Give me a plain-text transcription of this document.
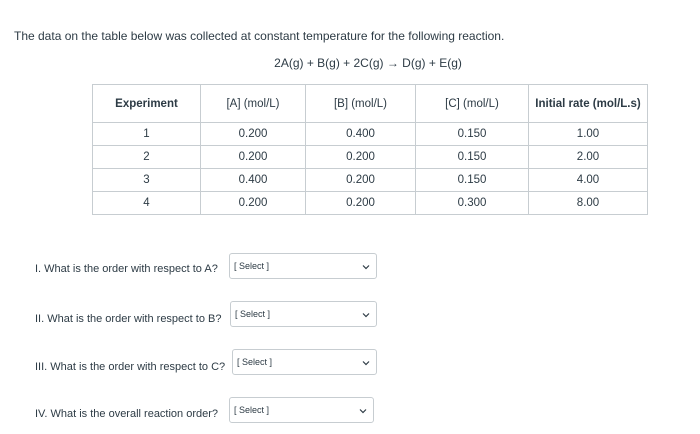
The data on the table below was collected at constant temperature for the following reaction.
2A(g) + B(g) + 2C(g) → D(g) + E(g)
Experiment	[A] (mol/L)	[B] (mol/L)	[C] (mol/L)	Initial rate (mol/L.s)
1	0.200	0.400	0.150	1.00
2	0.200	0.200	0.150	2.00
3	0.400	0.200	0.150	4.00
4	0.200	0.200	0.300	8.00
I. What is the order with respect to A? [ Select ]
II. What is the order with respect to B? [ Select ]
III. What is the order with respect to C? [ Select ]
IV. What is the overall reaction order? [ Select ]
